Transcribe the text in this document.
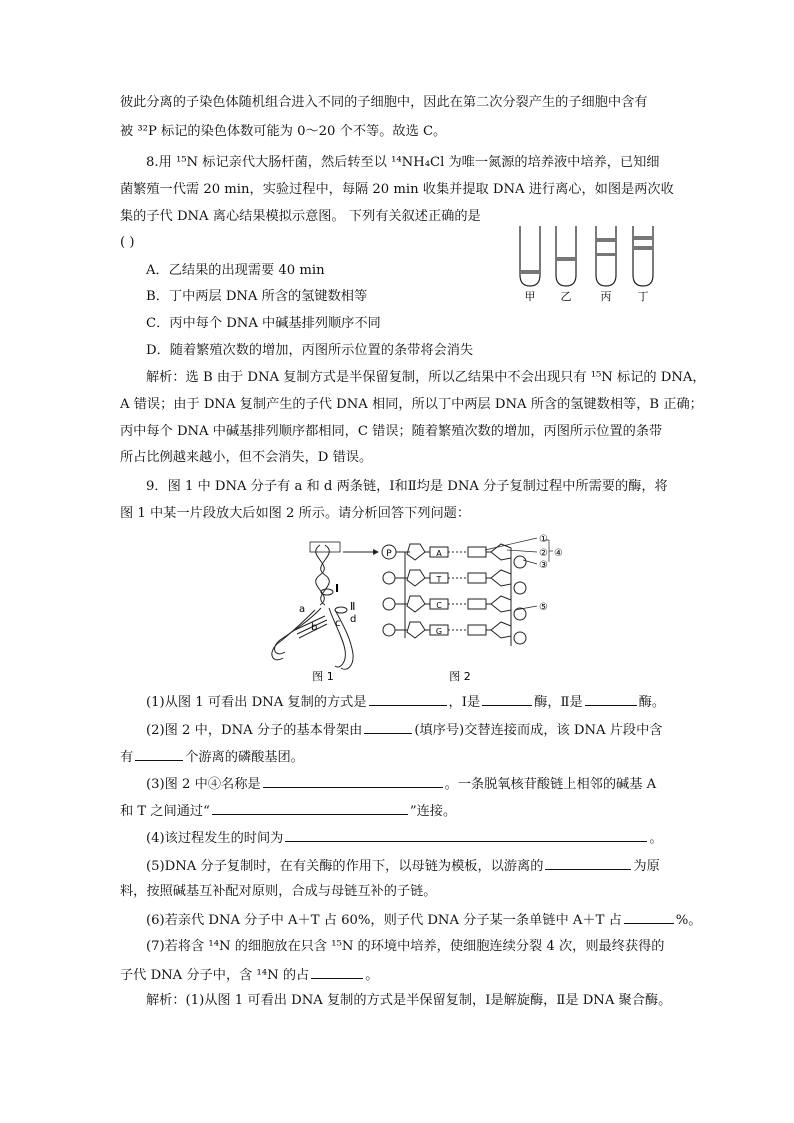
彼此分离的子染色体随机组合进入不同的子细胞中，因此在第二次分裂产生的子细胞中含有
被 ³²P 标记的染色体数可能为 0～20 个不等。故选 C。
8.用 ¹⁵N 标记亲代大肠杆菌，然后转至以 ¹⁴NH₄Cl 为唯一氮源的培养液中培养，已知细
菌繁殖一代需 20 min，实验过程中，每隔 20 min 收集并提取 DNA 进行离心，如图是两次收
集的子代 DNA 离心结果模拟示意图。 下列有关叙述正确的是
( )
A．乙结果的出现需要 40 min
B．丁中两层 DNA 所含的氢键数相等
C．丙中每个 DNA 中碱基排列顺序不同
D．随着繁殖次数的增加，丙图所示位置的条带将会消失
甲 乙	丙 丁
解析：选 B 由于 DNA 复制方式是半保留复制，所以乙结果中不会出现只有 ¹⁵N 标记的 DNA，
A 错误；由于 DNA 复制产生的子代 DNA 相同，所以丁中两层 DNA 所含的氢键数相等，B 正确；
丙中每个 DNA 中碱基排列顺序都相同，C 错误；随着繁殖次数的增加，丙图所示位置的条带
所占比例越来越小，但不会消失，D 错误。
9．图 1 中 DNA 分子有 a 和 d 两条链，Ⅰ和Ⅱ均是 DNA 分子复制过程中所需要的酶，将
图 1 中某一片段放大后如图 2 所示。请分析回答下列问题：
Ⅰ
Ⅱ
a
b c d
P	A
T
C
G
①
②
③
④
⑤
图 1	图 2
(1)从图 1 可看出 DNA 复制的方式是	，Ⅰ是	酶，Ⅱ是	酶。
(2)图 2 中，DNA 分子的基本骨架由	(填序号)交替连接而成，该 DNA 片段中含
有	个游离的磷酸基团。
(3)图 2 中④名称是	。一条脱氧核苷酸链上相邻的碱基 A
和 T 之间通过“	”连接。
(4)该过程发生的时间为	。
(5)DNA 分子复制时，在有关酶的作用下，以母链为模板，以游离的	为原
料，按照碱基互补配对原则，合成与母链互补的子链。
(6)若亲代 DNA 分子中 A＋T 占 60%，则子代 DNA 分子某一条单链中 A＋T 占	%。
(7)若将含 ¹⁴N 的细胞放在只含 ¹⁵N 的环境中培养，使细胞连续分裂 4 次，则最终获得的
子代 DNA 分子中，含 ¹⁴N 的占	。
解析：(1)从图 1 可看出 DNA 复制的方式是半保留复制，Ⅰ是解旋酶，Ⅱ是 DNA 聚合酶。
